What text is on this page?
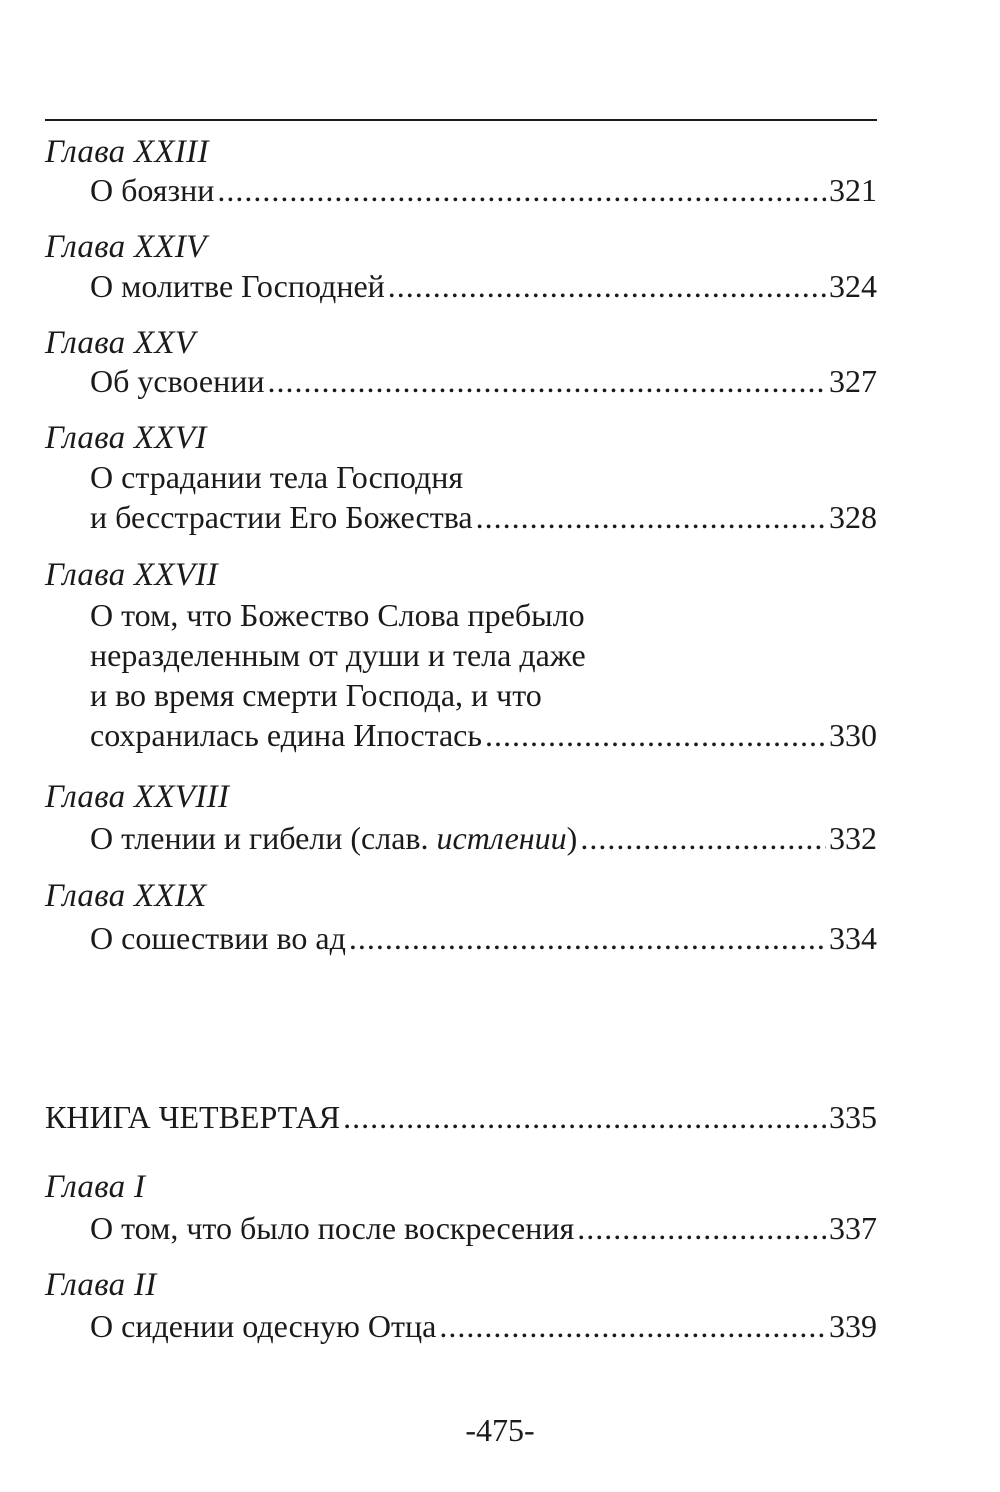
Глава XXIII
О боязни .....	321
Глава XXIV
О молитве Господней .....	324
Глава XXV
Об усвоении .....	327
Глава XXVI
О страдании тела Господня
и бесстрастии Его Божества .....	328
Глава XXVII
О том, что Божество Слова пребыло
неразделенным от души и тела даже
и во время смерти Господа, и что
сохранилась едина Ипостась .....	330
Глава XXVIII
О тлении и гибели (слав. истлении) .....	332
Глава XXIX
О сошествии во ад .....	334
КНИГА ЧЕТВЕРТАЯ .....	335
Глава I
О том, что было после воскресения .....	337
Глава II
О сидении одесную Отца .....	339
-475-
